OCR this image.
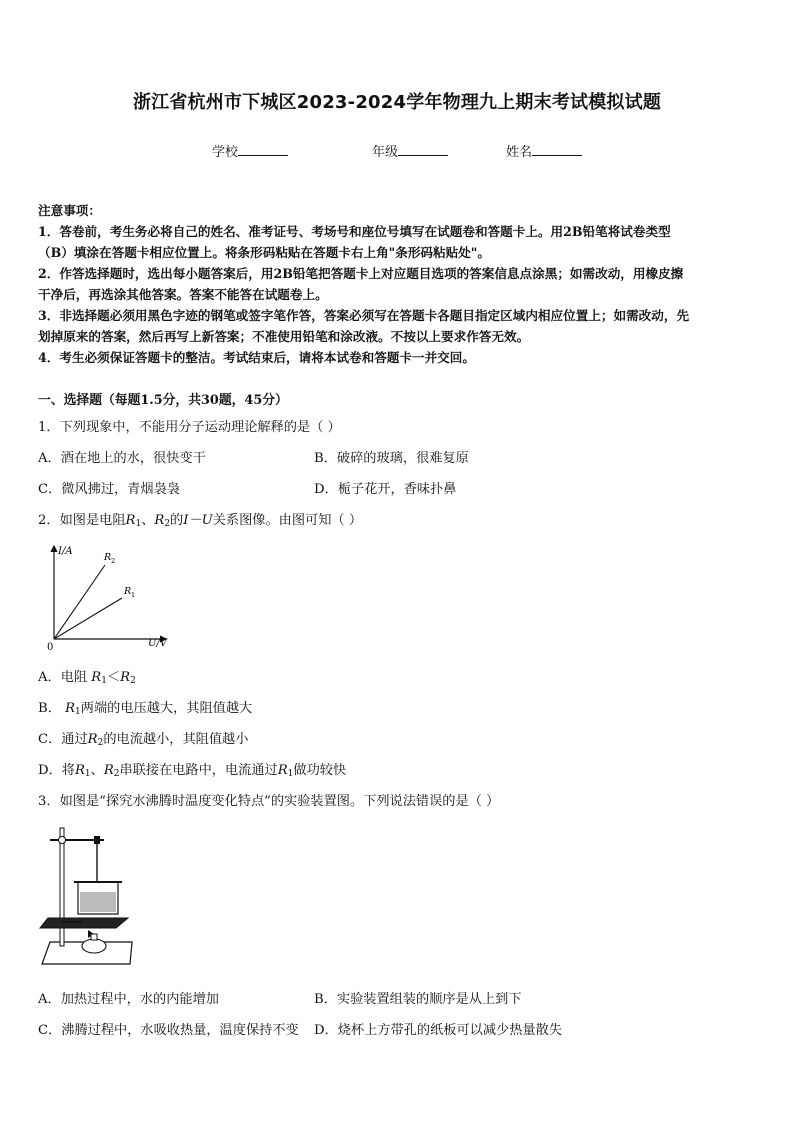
浙江省杭州市下城区2023-2024学年物理九上期末考试模拟试题
学校	年级	姓名
注意事项：
1．答卷前，考生务必将自己的姓名、准考证号、考场号和座位号填写在试题卷和答题卡上。用2B铅笔将试卷类型
（B）填涂在答题卡相应位置上。将条形码粘贴在答题卡右上角"条形码粘贴处"。
2．作答选择题时，选出每小题答案后，用2B铅笔把答题卡上对应题目选项的答案信息点涂黑；如需改动，用橡皮擦
干净后，再选涂其他答案。答案不能答在试题卷上。
3．非选择题必须用黑色字迹的钢笔或签字笔作答，答案必须写在答题卡各题目指定区域内相应位置上；如需改动，先
划掉原来的答案，然后再写上新答案；不准使用铅笔和涂改液。不按以上要求作答无效。
4．考生必须保证答题卡的整洁。考试结束后，请将本试卷和答题卡一并交回。
一、选择题（每题1.5分，共30题，45分）
1．下列现象中，不能用分子运动理论解释的是（ ）
A．酒在地上的水，很快变干	B．破碎的玻璃，很难复原
C．微风拂过，青烟袅袅	D．栀子花开，香味扑鼻
2．如图是电阻$R_1$、$R_2$的I－U关系图像。由图可知（ ）
I/A
U/V
0
R 2
R 1
A．电阻 $R_1<R_2$
B． $R_1$两端的电压越大，其阻值越大
C．通过$R_2$的电流越小，其阻值越小
D．将$R_1$、$R_2$串联接在电路中，电流通过$R_1$做功较快
3．如图是“探究水沸腾时温度变化特点”的实验装置图。下列说法错误的是（ ）
A．加热过程中，水的内能增加	B．实验装置组装的顺序是从上到下
C．沸腾过程中，水吸收热量，温度保持不变 D．烧杯上方带孔的纸板可以减少热量散失
